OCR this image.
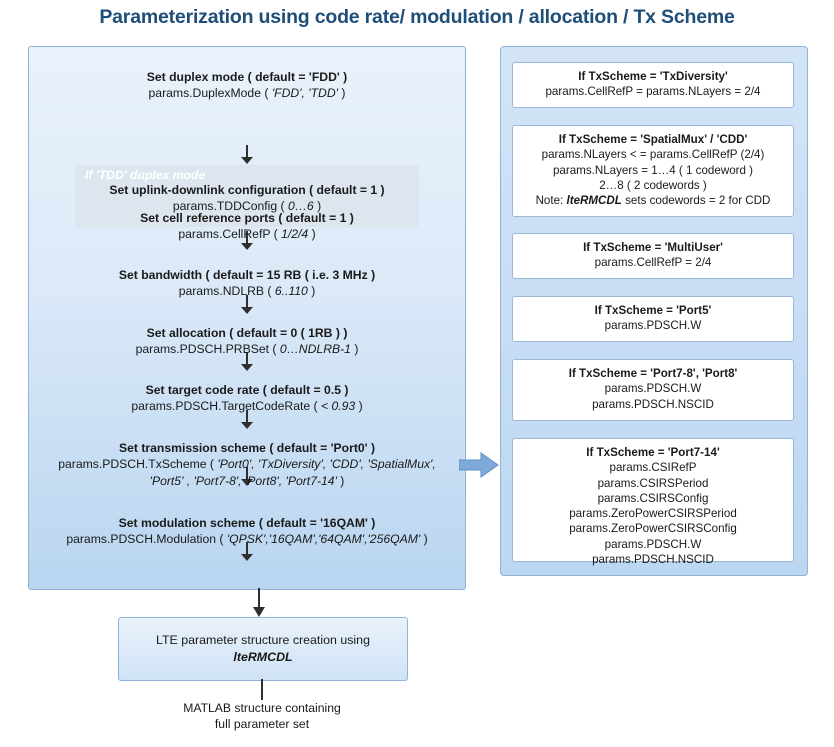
Parameterization using code rate/ modulation / allocation / Tx Scheme
If 'TDD' duplex mode
Set uplink-downlink configuration ( default = 1 )
params.TDDConfig ( 0…6 )
Set duplex mode ( default = 'FDD' )
params.DuplexMode ( 'FDD', 'TDD' )
Set cell reference ports ( default = 1 )
params.CellRefP ( 1/2/4 )
Set bandwidth ( default = 15 RB ( i.e. 3 MHz )
params.NDLRB ( 6..110 )
Set allocation ( default = 0 ( 1RB ) )
params.PDSCH.PRBSet ( 0…NDLRB-1 )
Set target code rate ( default = 0.5 )
params.PDSCH.TargetCodeRate ( < 0.93 )
Set transmission scheme ( default = 'Port0' )
params.PDSCH.TxScheme ( 'Port0', 'TxDiversity', 'CDD', 'SpatialMux',
'Port5' , 'Port7-8', 'Port8', 'Port7-14' )
Set modulation scheme ( default = '16QAM' )
params.PDSCH.Modulation ( 'QPSK','16QAM','64QAM','256QAM' )
If TxScheme = 'TxDiversity'
params.CellRefP = params.NLayers = 2/4
If TxScheme = 'SpatialMux' / 'CDD'
params.NLayers < = params.CellRefP (2/4)
params.NLayers = 1…4 ( 1 codeword )
2…8 ( 2 codewords )
Note: lteRMCDL sets codewords = 2 for CDD
If TxScheme = 'MultiUser'
params.CellRefP = 2/4
If TxScheme = 'Port5'
params.PDSCH.W
If TxScheme = 'Port7-8', 'Port8'
params.PDSCH.W
params.PDSCH.NSCID
If TxScheme = 'Port7-14'
params.CSIRefP
params.CSIRSPeriod
params.CSIRSConfig
params.ZeroPowerCSIRSPeriod
params.ZeroPowerCSIRSConfig
params.PDSCH.W
params.PDSCH.NSCID
LTE parameter structure creation using
lteRMCDL
MATLAB structure containing
full parameter set
